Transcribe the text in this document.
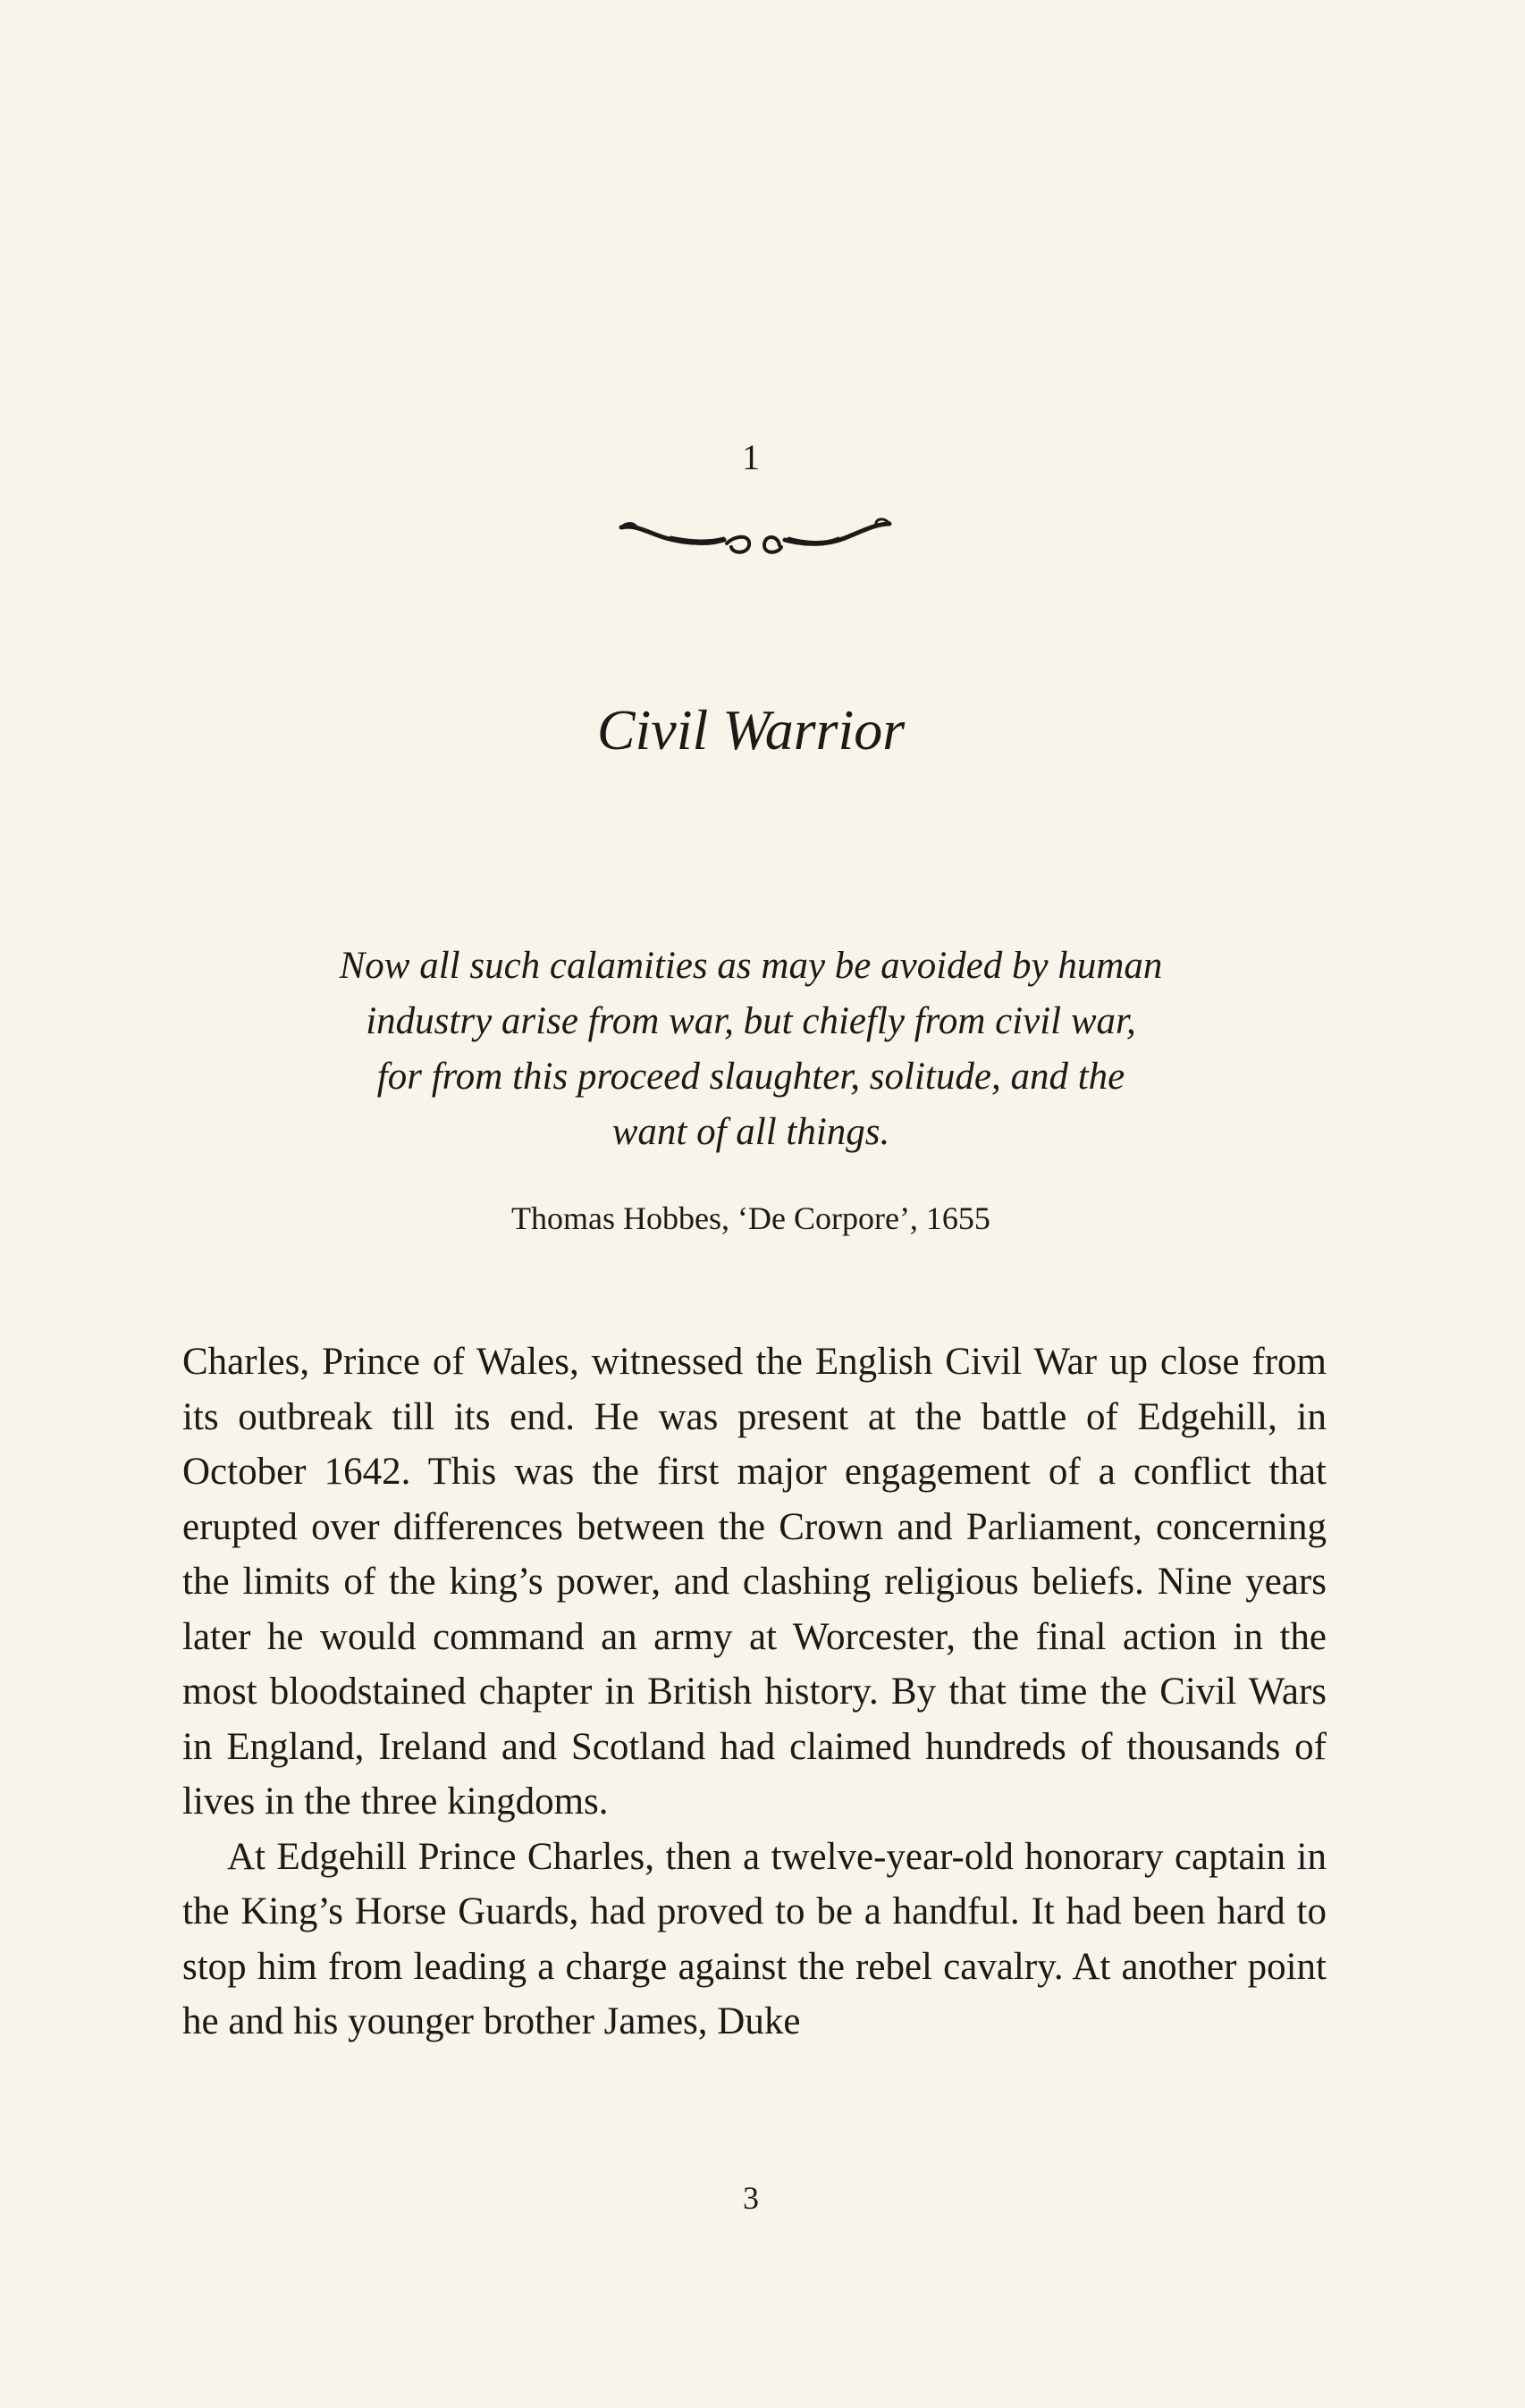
1
Civil Warrior
Now all such calamities as may be avoided by human
industry arise from war, but chiefly from civil war,
for from this proceed slaughter, solitude, and the
want of all things.
Thomas Hobbes, ‘De Corpore’, 1655

Charles, Prince of Wales, witnessed the English Civil War up close from its outbreak till its end. He was present at the battle of Edgehill, in October 1642. This was the first major engagement of a conflict that erupted over differences between the Crown and Parliament, concerning the limits of the king’s power, and clashing religious beliefs. Nine years later he would command an army at Worcester, the final action in the most bloodstained chapter in British history. By that time the Civil Wars in England, Ireland and Scotland had claimed hundreds of thousands of lives in the three kingdoms.

At Edgehill Prince Charles, then a twelve-year-old honorary captain in the King’s Horse Guards, had proved to be a handful. It had been hard to stop him from leading a charge against the rebel cavalry. At another point he and his younger brother James, Duke

3
